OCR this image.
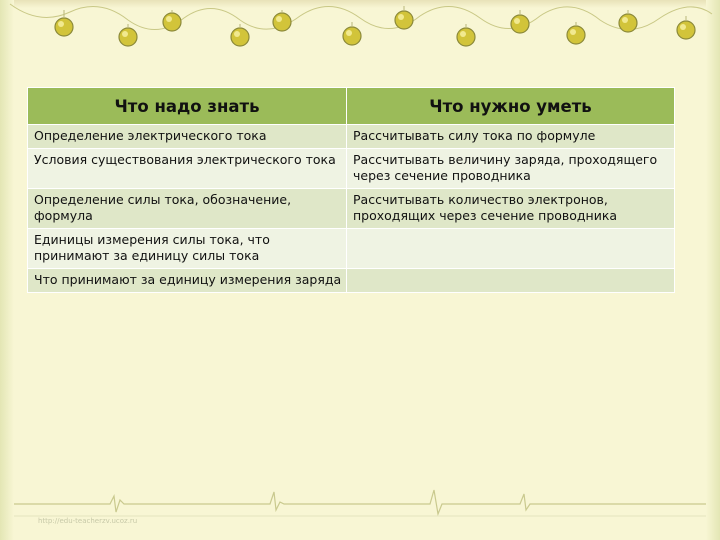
Что надо знать	Что нужно уметь
Определение электрического тока	Рассчитывать силу тока по формуле
Условия существования электрического тока	Рассчитывать величину заряда, проходящего через сечение проводника
Определение силы тока, обозначение, формула	Рассчитывать количество электронов, проходящих через сечение проводника
Единицы измерения силы тока, что принимают за единицу силы тока	
Что принимают за единицу измерения заряда	
http://edu-teacherzv.ucoz.ru
